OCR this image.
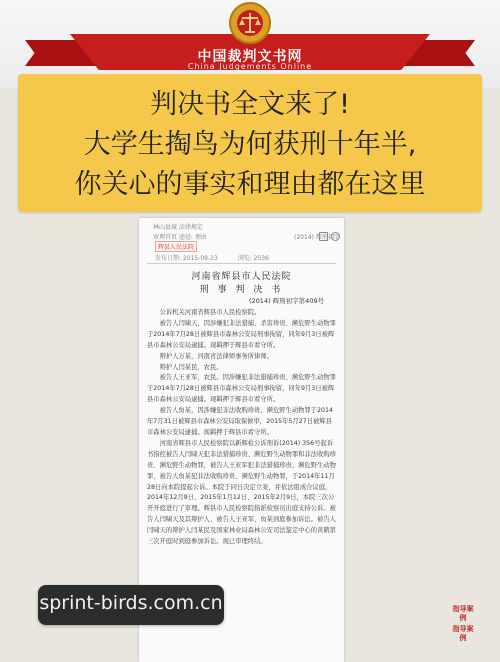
中国裁判文书网
China Judgements Online
判决书全文来了!
大学生掏鸟为何获刑十年半,
你关心的事实和理由都在这里
林山县城 法律规定
审理首页 途径: 理由	(2014) 辉刑初字
辉县人民法院
发布日期: 2015-09-23	浏览: 2536
河南省辉县市人民法院
刑 事 判 决 书
(2014) 辉刑初字第409号

公诉机关河南省辉县市人民检察院。

被告人闫啸天，因涉嫌犯非法猎捕、杀害珍贵、濒危野生动物罪于2014年7月28日被辉县市森林公安局刑事拘留，同年9月3日被辉县市森林公安局逮捕。现羁押于辉县市看守所。

辩护人万某，河南省法律师事务所律师。

辩护人闫某民，农民。

被告人王亚军，农民。因涉嫌犯非法猎捕珍贵、濒危野生动物罪于2014年7月28日被辉县市森林公安局刑事拘留，同年9月3日被辉县市森林公安局逮捕。现羁押于辉县市看守所。

被告人贠某，因涉嫌犯非法收购珍贵、濒危野生动物罪于2014年7月31日被辉县市森林公安局取保候审，2015年5月27日被辉县市森林公安局逮捕。现羁押于辉县市看守所。

河南省辉县市人民检察院以新辉检公诉刑诉(2014) 356号起诉书指控被告人闫啸天犯非法猎捕珍贵、濒危野生动物罪和非法收购珍贵、濒危野生动物罪，被告人王亚军犯非法猎捕珍贵、濒危野生动物罪，被告人贠某犯非法收购珍贵、濒危野生动物罪，于2014年11月28日向本院提起公诉。本院于同日决定立案，并依法组成合议庭，2014年12月9日、2015年1月12日、2015年2月9日，本院三次公开开庭进行了审理。辉县市人民检察院指派检察员出庭支持公诉。被告人闫啸天及其辩护人、被告人王亚军、贠某到庭参加诉讼。被告人闫啸天的辩护人闫某民及国家林业局森林公安司法鉴定中心的黄鹤第三次开庭时到庭参加诉讼。现已审理终结。

sprint-birds.com.cn	指导案例
指导案例
